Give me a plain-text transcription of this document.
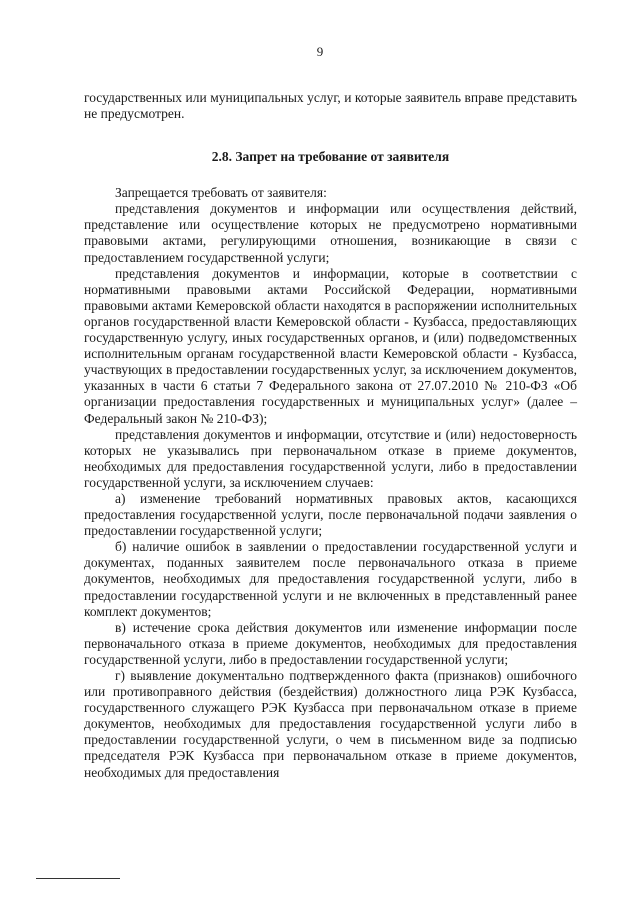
9

государственных или муниципальных услуг, и которые заявитель вправе представить не предусмотрен.

2.8. Запрет на требование от заявителя

Запрещается требовать от заявителя:

представления документов и информации или осуществления действий, представление или осуществление которых не предусмотрено нормативными правовыми актами, регулирующими отношения, возникающие в связи с предоставлением государственной услуги;

представления документов и информации, которые в соответствии с нормативными правовыми актами Российской Федерации, нормативными правовыми актами Кемеровской области находятся в распоряжении исполнительных органов государственной власти Кемеровской области - Кузбасса, предоставляющих государственную услугу, иных государственных органов, и (или) подведомственных исполнительным органам государственной власти Кемеровской области - Кузбасса, участвующих в предоставлении государственных услуг, за исключением документов, указанных в части 6 статьи 7 Федерального закона от 27.07.2010 № 210-ФЗ «Об организации предоставления государственных и муниципальных услуг» (далее – Федеральный закон № 210-ФЗ);

представления документов и информации, отсутствие и (или) недостоверность которых не указывались при первоначальном отказе в приеме документов, необходимых для предоставления государственной услуги, либо в предоставлении государственной услуги, за исключением случаев:

а) изменение требований нормативных правовых актов, касающихся предоставления государственной услуги, после первоначальной подачи заявления о предоставлении государственной услуги;

б) наличие ошибок в заявлении о предоставлении государственной услуги и документах, поданных заявителем после первоначального отказа в приеме документов, необходимых для предоставления государственной услуги, либо в предоставлении государственной услуги и не включенных в представленный ранее комплект документов;

в) истечение срока действия документов или изменение информации после первоначального отказа в приеме документов, необходимых для предоставления государственной услуги, либо в предоставлении государственной услуги;

г) выявление документально подтвержденного факта (признаков) ошибочного или противоправного действия (бездействия) должностного лица РЭК Кузбасса, государственного служащего РЭК Кузбасса при первоначальном отказе в приеме документов, необходимых для предоставления государственной услуги либо в предоставлении государственной услуги, о чем в письменном виде за подписью председателя РЭК Кузбасса при первоначальном отказе в приеме документов, необходимых для предоставления
